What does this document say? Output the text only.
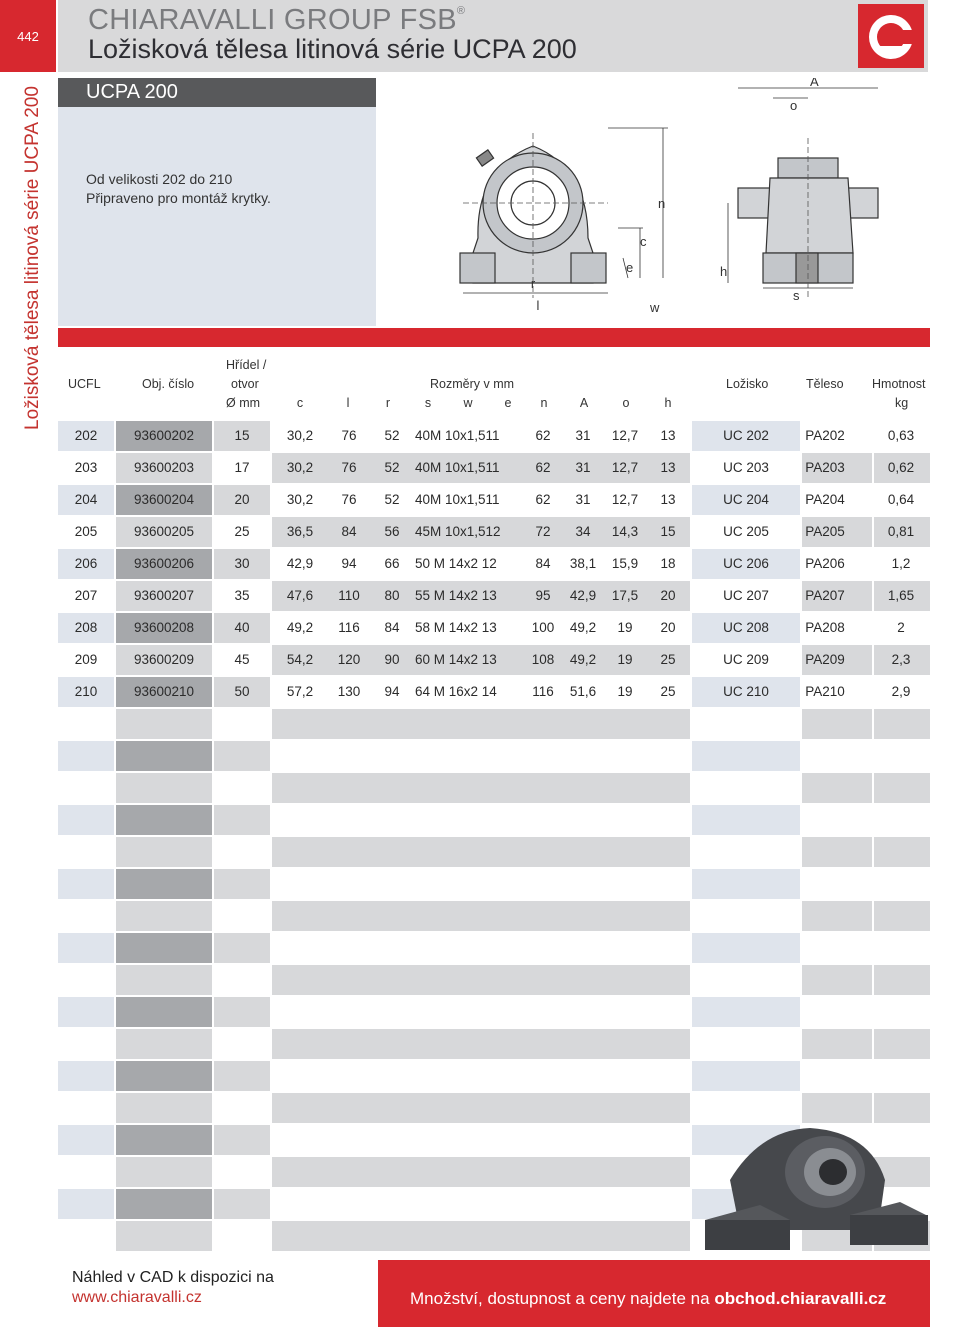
442 CHIARAVALLI GROUP FSB®
Ložisková tělesa litinová série UCPA 200
Ložisková tělesa litinová série UCPA 200	UCPA 200
Od velikosti 202 do 210
Připraveno pro montáž krytky.
r
l
e
c
n
w
h
s
o
A
UCFL	Obj. číslo
Hřídel /
otvor
Ø mm
Rozměry v mm	Ložisko	Těleso Hmotnost
kg
c	l	r	s	w	e	n	A	o	h
202	93600202	15	30,2	76	52	40M 10x1,511	62	31	12,7	13	UC 202	PA202	0,63
203	93600203	17	30,2	76	52	40M 10x1,511	62	31	12,7	13	UC 203	PA203	0,62
204	93600204	20	30,2	76	52	40M 10x1,511	62	31	12,7	13	UC 204	PA204	0,64
205	93600205	25	36,5	84	56	45M 10x1,512	72	34	14,3	15	UC 205	PA205	0,81
206	93600206	30	42,9	94	66	50 M 14x2 12	84	38,1	15,9	18	UC 206	PA206	1,2
207	93600207	35	47,6	110	80	55 M 14x2 13	95	42,9	17,5	20	UC 207	PA207	1,65
208	93600208	40	49,2	116	84	58 M 14x2 13	100	49,2	19	20	UC 208	PA208	2
209	93600209	45	54,2	120	90	60 M 14x2 13	108	49,2	19	25	UC 209	PA209	2,3
210	93600210	50	57,2	130	94	64 M 16x2 14	116	51,6	19	25	UC 210	PA210	2,9
Náhled v CAD k dispozici na
www.chiaravalli.cz	Množství, dostupnost a ceny najdete na obchod.chiaravalli.cz
